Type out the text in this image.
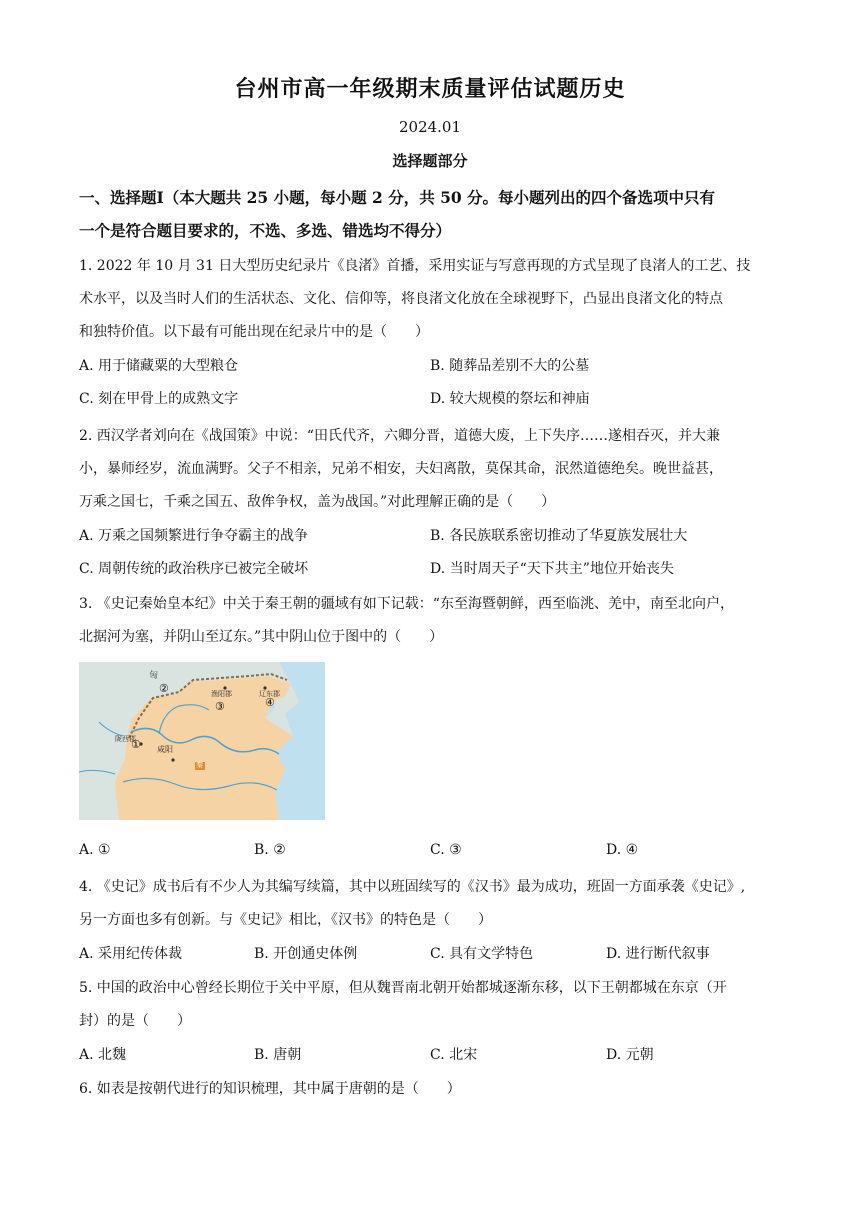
台州市高一年级期末质量评估试题历史
2024.01
选择题部分
一、选择题Ⅰ（本大题共 25 小题，每小题 2 分，共 50 分。每小题列出的四个备选项中只有
一个是符合题目要求的，不选、多选、错选均不得分）
1. 2022 年 10 月 31 日大型历史纪录片《良渚》首播，采用实证与写意再现的方式呈现了良渚人的工艺、技
术水平，以及当时人们的生活状态、文化、信仰等，将良渚文化放在全球视野下，凸显出良渚文化的特点
和独特价值。以下最有可能出现在纪录片中的是（　　）
A. 用于储藏粟的大型粮仓	B. 随葬品差别不大的公墓
C. 刻在甲骨上的成熟文字	D. 较大规模的祭坛和神庙
2. 西汉学者刘向在《战国策》中说：“田氏代齐，六卿分晋，道德大废，上下失序……遂相吞灭，并大兼
小，暴师经岁，流血满野。父子不相亲，兄弟不相安，夫妇离散，莫保其命，泯然道德绝矣。晚世益甚，
万乘之国七，千乘之国五、敌侔争权，盖为战国。”对此理解正确的是（　　）
A. 万乘之国频繁进行争夺霸主的战争	B. 各民族联系密切推动了华夏族发展壮大
C. 周朝传统的政治秩序已被完全破坏	D. 当时周天子“天下共主”地位开始丧失
3. 《史记秦始皇本纪》中关于秦王朝的疆域有如下记载：“东至海暨朝鲜，西至临洮、羌中，南至北向户，
北据河为塞，并阴山至辽东。”其中阴山位于图中的（　　）
匈
陇西郡
咸阳
渔阳郡	辽东郡
秦
①
②
③	④
A. ①	B. ②	C. ③	D. ④
4. 《史记》成书后有不少人为其编写续篇，其中以班固续写的《汉书》最为成功，班固一方面承袭《史记》,
另一方面也多有创新。与《史记》相比，《汉书》的特色是（　　）
A. 采用纪传体裁	B. 开创通史体例	C. 具有文学特色	D. 进行断代叙事
5. 中国的政治中心曾经长期位于关中平原，但从魏晋南北朝开始都城逐渐东移，以下王朝都城在东京（开
封）的是（　　）
A. 北魏	B. 唐朝	C. 北宋	D. 元朝
6. 如表是按朝代进行的知识梳理，其中属于唐朝的是（　　）
